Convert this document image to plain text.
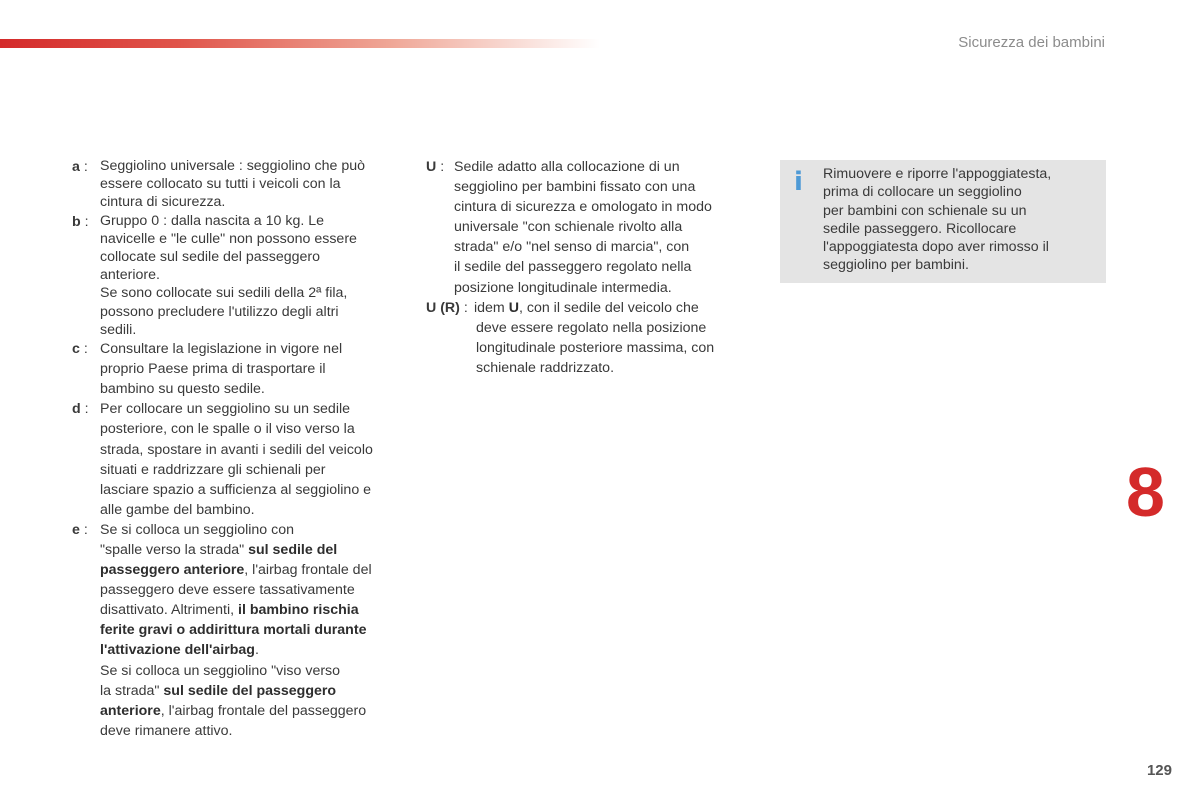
Sicurezza dei bambini
a : Seggiolino universale : seggiolino che può
essere collocato su tutti i veicoli con la
cintura di sicurezza.
b : Gruppo 0 : dalla nascita a 10 kg. Le
navicelle e "le culle" non possono essere
collocate sul sedile del passeggero
anteriore.
Se sono collocate sui sedili della 2ª fila,
possono precludere l'utilizzo degli altri
sedili.
c : Consultare la legislazione in vigore nel
proprio Paese prima di trasportare il
bambino su questo sedile.
d : Per collocare un seggiolino su un sedile
posteriore, con le spalle o il viso verso la
strada, spostare in avanti i sedili del veicolo
situati e raddrizzare gli schienali per
lasciare spazio a sufficienza al seggiolino e
alle gambe del bambino.
e : Se si colloca un seggiolino con
"spalle verso la strada" sul sedile del
passeggero anteriore, l'airbag frontale del
passeggero deve essere tassativamente
disattivato. Altrimenti, il bambino rischia
ferite gravi o addirittura mortali durante
l'attivazione dell'airbag.
Se si colloca un seggiolino "viso verso
la strada" sul sedile del passeggero
anteriore, l'airbag frontale del passeggero
deve rimanere attivo.
U : Sedile adatto alla collocazione di un
seggiolino per bambini fissato con una
cintura di sicurezza e omologato in modo
universale "con schienale rivolto alla
strada" e/o "nel senso di marcia", con
il sedile del passeggero regolato nella
posizione longitudinale intermedia.
U (R) : idem U, con il sedile del veicolo che
deve essere regolato nella posizione
longitudinale posteriore massima, con
schienale raddrizzato.
i Rimuovere e riporre l'appoggiatesta,
prima di collocare un seggiolino
per bambini con schienale su un
sedile passeggero. Ricollocare
l'appoggiatesta dopo aver rimosso il
seggiolino per bambini.
8
129
